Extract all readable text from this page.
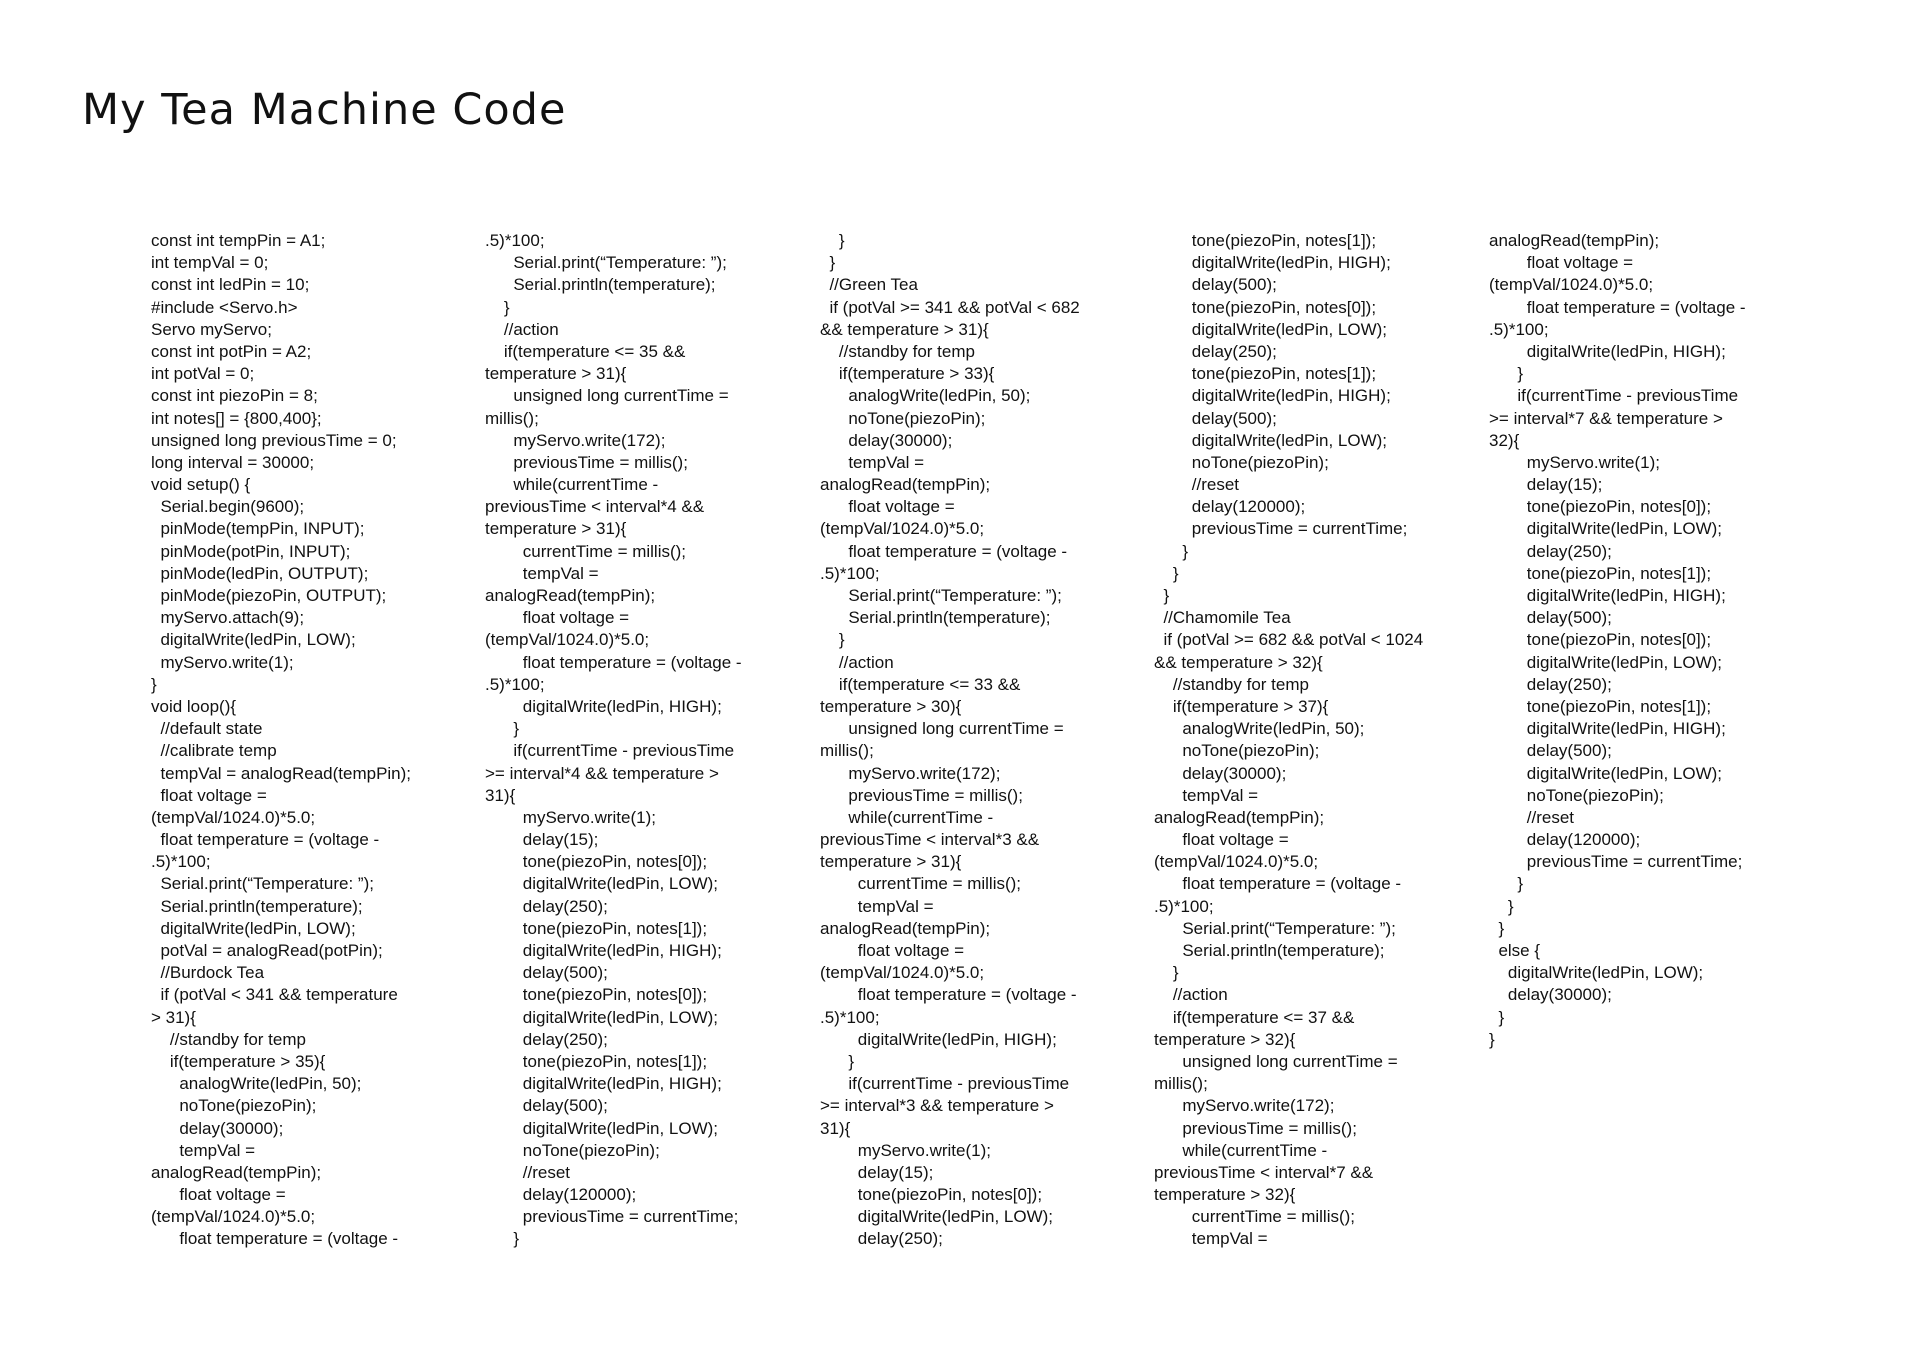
My Tea Machine Code
const int tempPin = A1;
int tempVal = 0;
const int ledPin = 10;
#include <Servo.h>
Servo myServo;
const int potPin = A2;
int potVal = 0;
const int piezoPin = 8;
int notes[] = {800,400};
unsigned long previousTime = 0;
long interval = 30000;
void setup() {
Serial.begin(9600);
pinMode(tempPin, INPUT);
pinMode(potPin, INPUT);
pinMode(ledPin, OUTPUT);
pinMode(piezoPin, OUTPUT);
myServo.attach(9);
digitalWrite(ledPin, LOW);
myServo.write(1);
}
void loop(){
//default state
//calibrate temp
tempVal = analogRead(tempPin);
float voltage =
(tempVal/1024.0)*5.0;
float temperature = (voltage -
.5)*100;
Serial.print(“Temperature: ”);
Serial.println(temperature);
digitalWrite(ledPin, LOW);
potVal = analogRead(potPin);
//Burdock Tea
if (potVal < 341 && temperature
> 31){
//standby for temp
if(temperature > 35){
analogWrite(ledPin, 50);
noTone(piezoPin);
delay(30000);
tempVal =
analogRead(tempPin);
float voltage =
(tempVal/1024.0)*5.0;
float temperature = (voltage -
.5)*100;
Serial.print(“Temperature: ”);
Serial.println(temperature);
}
//action
if(temperature <= 35 &&
temperature > 31){
unsigned long currentTime =
millis();
myServo.write(172);
previousTime = millis();
while(currentTime -
previousTime < interval*4 &&
temperature > 31){
currentTime = millis();
tempVal =
analogRead(tempPin);
float voltage =
(tempVal/1024.0)*5.0;
float temperature = (voltage -
.5)*100;
digitalWrite(ledPin, HIGH);
}
if(currentTime - previousTime
>= interval*4 && temperature >
31){
myServo.write(1);
delay(15);
tone(piezoPin, notes[0]);
digitalWrite(ledPin, LOW);
delay(250);
tone(piezoPin, notes[1]);
digitalWrite(ledPin, HIGH);
delay(500);
tone(piezoPin, notes[0]);
digitalWrite(ledPin, LOW);
delay(250);
tone(piezoPin, notes[1]);
digitalWrite(ledPin, HIGH);
delay(500);
digitalWrite(ledPin, LOW);
noTone(piezoPin);
//reset
delay(120000);
previousTime = currentTime;
}
}
}
//Green Tea
if (potVal >= 341 && potVal < 682
&& temperature > 31){
//standby for temp
if(temperature > 33){
analogWrite(ledPin, 50);
noTone(piezoPin);
delay(30000);
tempVal =
analogRead(tempPin);
float voltage =
(tempVal/1024.0)*5.0;
float temperature = (voltage -
.5)*100;
Serial.print(“Temperature: ”);
Serial.println(temperature);
}
//action
if(temperature <= 33 &&
temperature > 30){
unsigned long currentTime =
millis();
myServo.write(172);
previousTime = millis();
while(currentTime -
previousTime < interval*3 &&
temperature > 31){
currentTime = millis();
tempVal =
analogRead(tempPin);
float voltage =
(tempVal/1024.0)*5.0;
float temperature = (voltage -
.5)*100;
digitalWrite(ledPin, HIGH);
}
if(currentTime - previousTime
>= interval*3 && temperature >
31){
myServo.write(1);
delay(15);
tone(piezoPin, notes[0]);
digitalWrite(ledPin, LOW);
delay(250);
tone(piezoPin, notes[1]);
digitalWrite(ledPin, HIGH);
delay(500);
tone(piezoPin, notes[0]);
digitalWrite(ledPin, LOW);
delay(250);
tone(piezoPin, notes[1]);
digitalWrite(ledPin, HIGH);
delay(500);
digitalWrite(ledPin, LOW);
noTone(piezoPin);
//reset
delay(120000);
previousTime = currentTime;
}
}
}
//Chamomile Tea
if (potVal >= 682 && potVal < 1024
&& temperature > 32){
//standby for temp
if(temperature > 37){
analogWrite(ledPin, 50);
noTone(piezoPin);
delay(30000);
tempVal =
analogRead(tempPin);
float voltage =
(tempVal/1024.0)*5.0;
float temperature = (voltage -
.5)*100;
Serial.print(“Temperature: ”);
Serial.println(temperature);
}
//action
if(temperature <= 37 &&
temperature > 32){
unsigned long currentTime =
millis();
myServo.write(172);
previousTime = millis();
while(currentTime -
previousTime < interval*7 &&
temperature > 32){
currentTime = millis();
tempVal =
analogRead(tempPin);
float voltage =
(tempVal/1024.0)*5.0;
float temperature = (voltage -
.5)*100;
digitalWrite(ledPin, HIGH);
}
if(currentTime - previousTime
>= interval*7 && temperature >
32){
myServo.write(1);
delay(15);
tone(piezoPin, notes[0]);
digitalWrite(ledPin, LOW);
delay(250);
tone(piezoPin, notes[1]);
digitalWrite(ledPin, HIGH);
delay(500);
tone(piezoPin, notes[0]);
digitalWrite(ledPin, LOW);
delay(250);
tone(piezoPin, notes[1]);
digitalWrite(ledPin, HIGH);
delay(500);
digitalWrite(ledPin, LOW);
noTone(piezoPin);
//reset
delay(120000);
previousTime = currentTime;
}
}
}
else {
digitalWrite(ledPin, LOW);
delay(30000);
}
}
